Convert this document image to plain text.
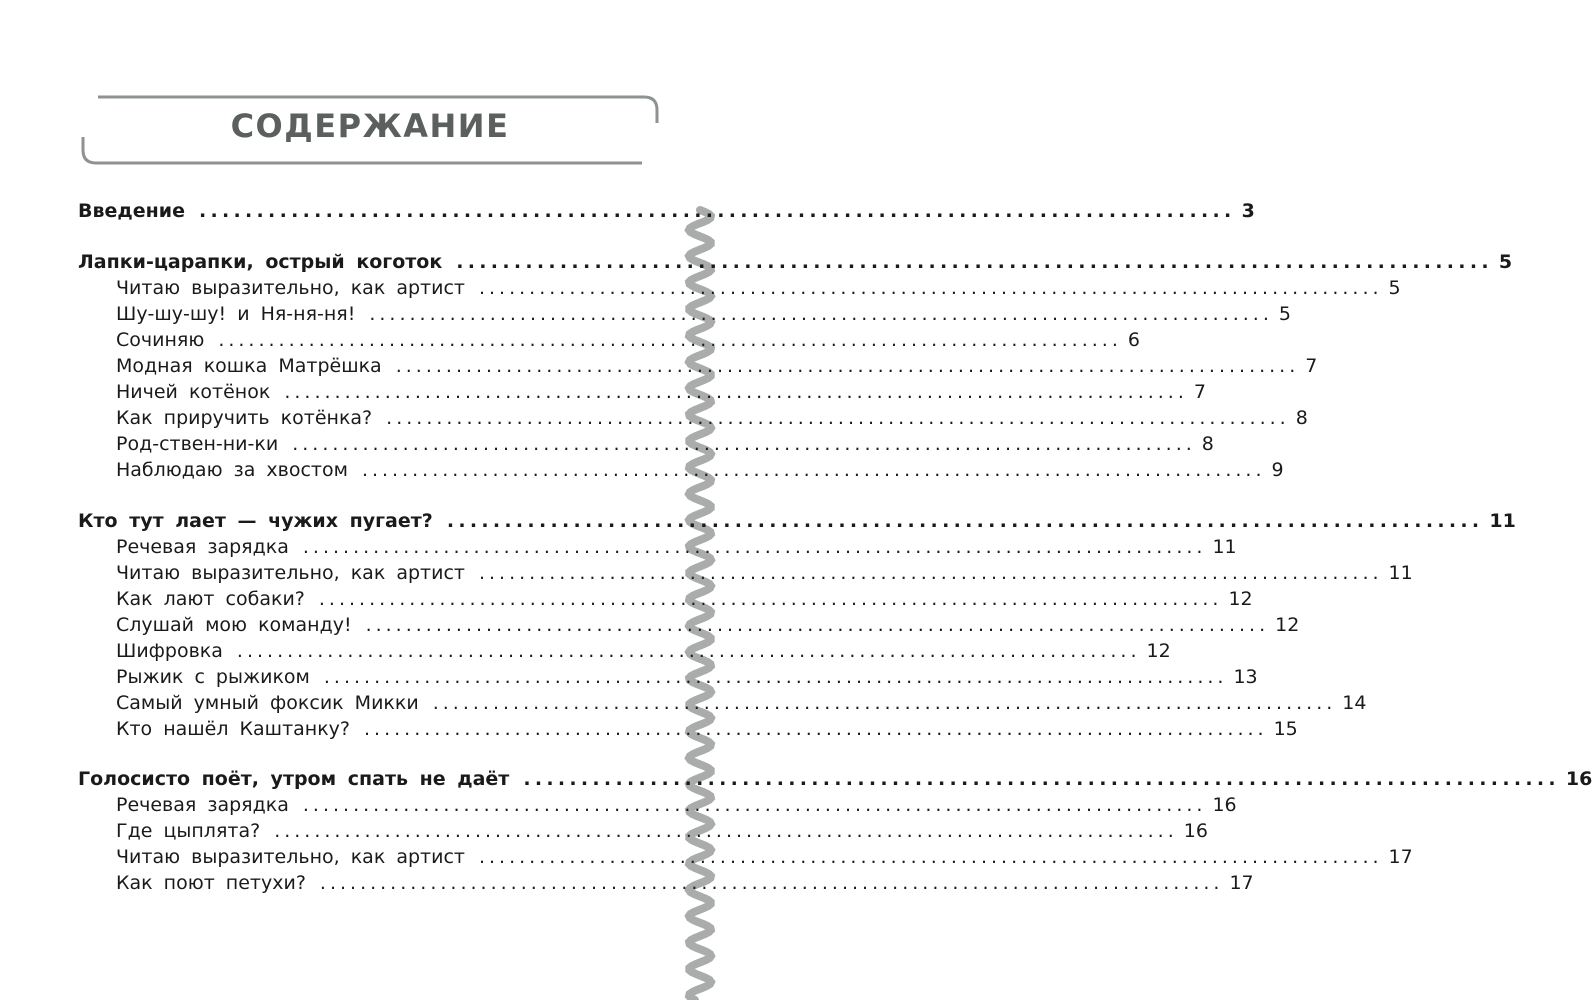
СОДЕРЖАНИЕ
Введение .......................................................................................... 3
Лапки-царапки, острый коготок .......................................................................................... 5
Читаю выразительно, как артист .......................................................................................... 5
Шу-шу-шу! и Ня-ня-ня! .......................................................................................... 5
Сочиняю .......................................................................................... 6
Модная кошка Матрёшка .......................................................................................... 7
Ничей котёнок .......................................................................................... 7
Как приручить котёнка? .......................................................................................... 8
Род-ствен-ни-ки .......................................................................................... 8
Наблюдаю за хвостом .......................................................................................... 9
Кто тут лает — чужих пугает? .......................................................................................... 11
Речевая зарядка .......................................................................................... 11
Читаю выразительно, как артист .......................................................................................... 11
Как лают собаки? .......................................................................................... 12
Слушай мою команду! .......................................................................................... 12
Шифровка .......................................................................................... 12
Рыжик с рыжиком .......................................................................................... 13
Самый умный фоксик Микки .......................................................................................... 14
Кто нашёл Каштанку? .......................................................................................... 15
Голосисто поёт, утром спать не даёт .......................................................................................... 16
Речевая зарядка .......................................................................................... 16
Где цыплята? .......................................................................................... 16
Читаю выразительно, как артист .......................................................................................... 17
Как поют петухи? .......................................................................................... 17
